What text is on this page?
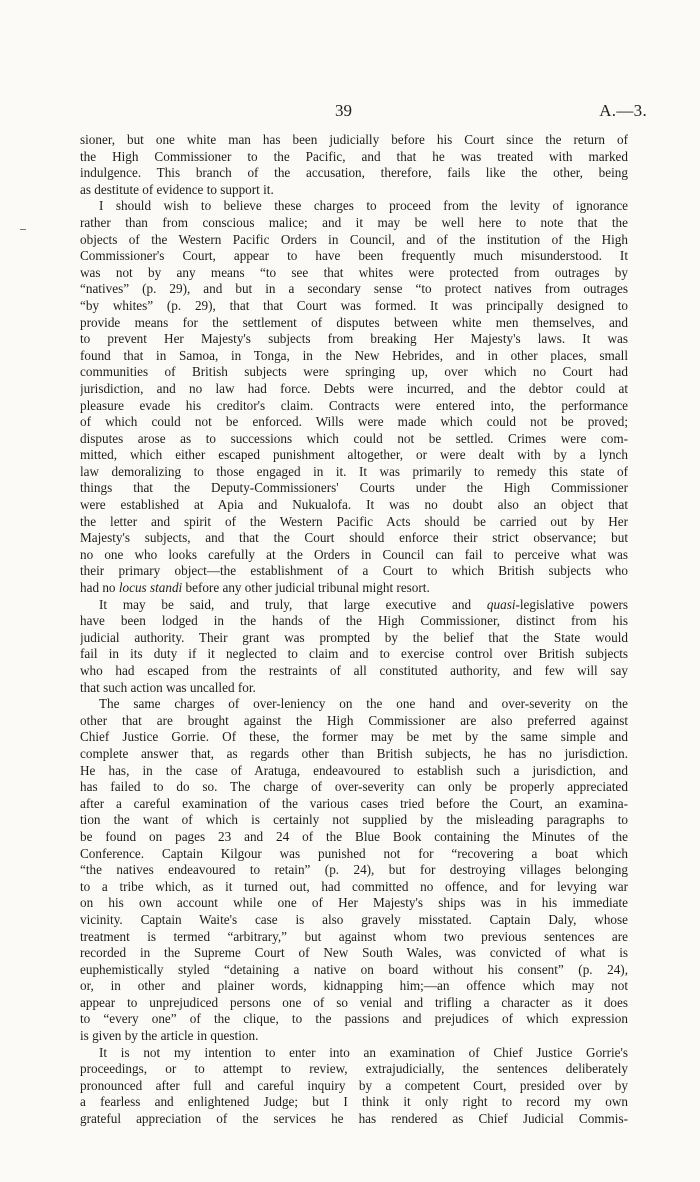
39	A.—3.
sioner, but one white man has been judicially before his Court since the return of
the High Commissioner to the Pacific, and that he was treated with marked
indulgence. This branch of the accusation, therefore, fails like the other, being
as destitute of evidence to support it.
I should wish to believe these charges to proceed from the levity of ignorance
rather than from conscious malice; and it may be well here to note that the
objects of the Western Pacific Orders in Council, and of the institution of the High
Commissioner's Court, appear to have been frequently much misunderstood. It
was not by any means “to see that whites were protected from outrages by
“natives” (p. 29), and but in a secondary sense “to protect natives from outrages
“by whites” (p. 29), that that Court was formed. It was principally designed to
provide means for the settlement of disputes between white men themselves, and
to prevent Her Majesty's subjects from breaking Her Majesty's laws. It was
found that in Samoa, in Tonga, in the New Hebrides, and in other places, small
communities of British subjects were springing up, over which no Court had
jurisdiction, and no law had force. Debts were incurred, and the debtor could at
pleasure evade his creditor's claim. Contracts were entered into, the performance
of which could not be enforced. Wills were made which could not be proved;
disputes arose as to successions which could not be settled. Crimes were com-
mitted, which either escaped punishment altogether, or were dealt with by a lynch
law demoralizing to those engaged in it. It was primarily to remedy this state of
things that the Deputy-Commissioners' Courts under the High Commissioner
were established at Apia and Nukualofa. It was no doubt also an object that
the letter and spirit of the Western Pacific Acts should be carried out by Her
Majesty's subjects, and that the Court should enforce their strict observance; but
no one who looks carefully at the Orders in Council can fail to perceive what was
their primary object—the establishment of a Court to which British subjects who
had no locus standi before any other judicial tribunal might resort.
It may be said, and truly, that large executive and quasi-legislative powers
have been lodged in the hands of the High Commissioner, distinct from his
judicial authority. Their grant was prompted by the belief that the State would
fail in its duty if it neglected to claim and to exercise control over British subjects
who had escaped from the restraints of all constituted authority, and few will say
that such action was uncalled for.
The same charges of over-leniency on the one hand and over-severity on the
other that are brought against the High Commissioner are also preferred against
Chief Justice Gorrie. Of these, the former may be met by the same simple and
complete answer that, as regards other than British subjects, he has no jurisdiction.
He has, in the case of Aratuga, endeavoured to establish such a jurisdiction, and
has failed to do so. The charge of over-severity can only be properly appreciated
after a careful examination of the various cases tried before the Court, an examina-
tion the want of which is certainly not supplied by the misleading paragraphs to
be found on pages 23 and 24 of the Blue Book containing the Minutes of the
Conference. Captain Kilgour was punished not for “recovering a boat which
“the natives endeavoured to retain” (p. 24), but for destroying villages belonging
to a tribe which, as it turned out, had committed no offence, and for levying war
on his own account while one of Her Majesty's ships was in his immediate
vicinity. Captain Waite's case is also gravely misstated. Captain Daly, whose
treatment is termed “arbitrary,” but against whom two previous sentences are
recorded in the Supreme Court of New South Wales, was convicted of what is
euphemistically styled “detaining a native on board without his consent” (p. 24),
or, in other and plainer words, kidnapping him;—an offence which may not
appear to unprejudiced persons one of so venial and trifling a character as it does
to “every one” of the clique, to the passions and prejudices of which expression
is given by the article in question.
It is not my intention to enter into an examination of Chief Justice Gorrie's
proceedings, or to attempt to review, extrajudicially, the sentences deliberately
pronounced after full and careful inquiry by a competent Court, presided over by
a fearless and enlightened Judge; but I think it only right to record my own
grateful appreciation of the services he has rendered as Chief Judicial Commis-
